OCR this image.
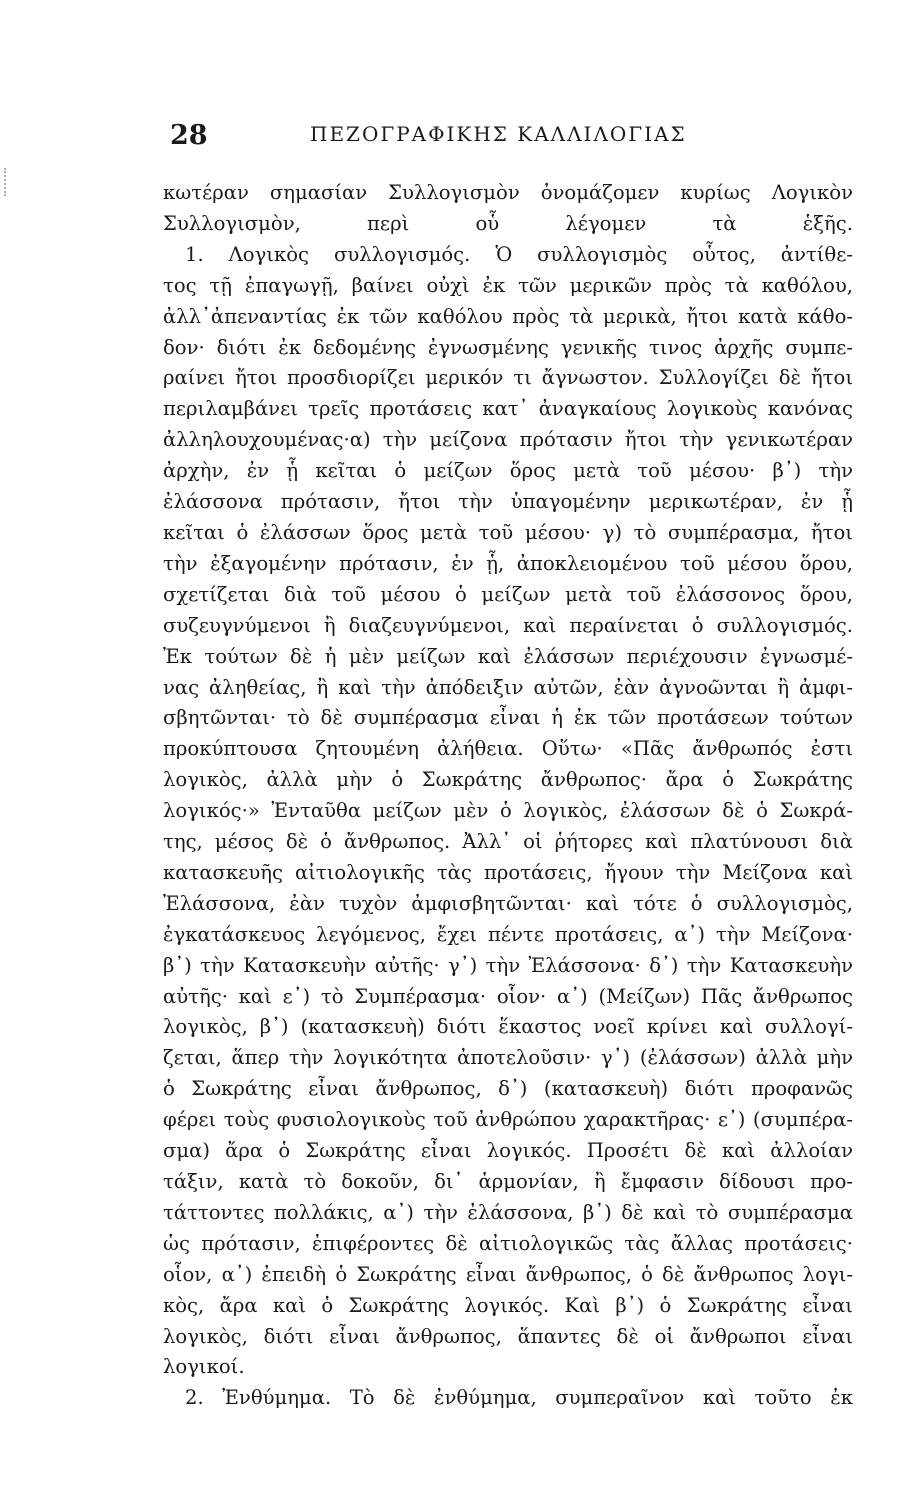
28	ΠΕΖΟΓΡΑΦΙΚΗΣ ΚΑΛΛΙΛΟΓΙΑΣ
κωτέραν σημασίαν Συλλογισμὸν ὀνομάζομεν κυρίως Λογικὸν
Συλλογισμὸν, περὶ οὗ λέγομεν τὰ ἑξῆς.
1. Λογικὸς συλλογισμός. Ὁ συλλογισμὸς οὗτος, ἀντίθε-
τος τῇ ἐπαγωγῇ, βαίνει οὐχὶ ἐκ τῶν μερικῶν πρὸς τὰ καθόλου,
ἀλλ᾽ἀπεναντίας ἐκ τῶν καθόλου πρὸς τὰ μερικὰ, ἤτοι κατὰ κάθο-
δον· διότι ἐκ δεδομένης ἐγνωσμένης γενικῆς τινος ἀρχῆς συμπε-
ραίνει ἤτοι προσδιορίζει μερικόν τι ἄγνωστον. Συλλογίζει δὲ ἤτοι
περιλαμβάνει τρεῖς προτάσεις κατ᾽ ἀναγκαίους λογικοὺς κανόνας
ἀλληλουχουμένας·α) τὴν μείζονα πρότασιν ἤτοι τὴν γενικωτέραν
ἀρχὴν, ἐν ᾗ κεῖται ὁ μείζων ὅρος μετὰ τοῦ μέσου· β᾽) τὴν
ἐλάσσονα πρότασιν, ἤτοι τὴν ὑπαγομένην μερικωτέραν, ἐν ᾗ
κεῖται ὁ ἐλάσσων ὅρος μετὰ τοῦ μέσου· γ) τὸ συμπέρασμα, ἤτοι
τὴν ἐξαγομένην πρότασιν, ἐν ᾗ, ἀποκλειομένου τοῦ μέσου ὅρου,
σχετίζεται διὰ τοῦ μέσου ὁ μείζων μετὰ τοῦ ἐλάσσονος ὅρου,
συζευγνύμενοι ἢ διαζευγνύμενοι, καὶ περαίνεται ὁ συλλογισμός.
Ἐκ τούτων δὲ ἡ μὲν μείζων καὶ ἐλάσσων περιέχουσιν ἐγνωσμέ-
νας ἀληθείας, ἢ καὶ τὴν ἀπόδειξιν αὐτῶν, ἐὰν ἀγνοῶνται ἢ ἀμφι-
σβητῶνται· τὸ δὲ συμπέρασμα εἶναι ἡ ἐκ τῶν προτάσεων τούτων
προκύπτουσα ζητουμένη ἀλήθεια. Οὕτω· «Πᾶς ἄνθρωπός ἐστι
λογικὸς, ἀλλὰ μὴν ὁ Σωκράτης ἄνθρωπος· ἄρα ὁ Σωκράτης
λογικός·» Ἐνταῦθα μείζων μὲν ὁ λογικὸς, ἐλάσσων δὲ ὁ Σωκρά-
της, μέσος δὲ ὁ ἄνθρωπος. Ἀλλ᾽ οἱ ῥήτορες καὶ πλατύνουσι διὰ
κατασκευῆς αἰτιολογικῆς τὰς προτάσεις, ἤγουν τὴν Μείζονα καὶ
Ἐλάσσονα, ἐὰν τυχὸν ἀμφισβητῶνται· καὶ τότε ὁ συλλογισμὸς,
ἐγκατάσκευος λεγόμενος, ἔχει πέντε προτάσεις, α᾽) τὴν Μείζονα·
β᾽) τὴν Κατασκευὴν αὐτῆς· γ᾽) τὴν Ἐλάσσονα· δ᾽) τὴν Κατασκευὴν
αὐτῆς· καὶ ε᾽) τὸ Συμπέρασμα· οἷον· α᾽) (Μείζων) Πᾶς ἄνθρωπος
λογικὸς, β᾽) (κατασκευὴ) διότι ἕκαστος νοεῖ κρίνει καὶ συλλογί-
ζεται, ἅπερ τὴν λογικότητα ἀποτελοῦσιν· γ᾽) (ἐλάσσων) ἀλλὰ μὴν
ὁ Σωκράτης εἶναι ἄνθρωπος, δ᾽) (κατασκευὴ) διότι προφανῶς
φέρει τοὺς φυσιολογικοὺς τοῦ ἀνθρώπου χαρακτῆρας· ε᾽) (συμπέρα-
σμα) ἄρα ὁ Σωκράτης εἶναι λογικός. Προσέτι δὲ καὶ ἀλλοίαν
τάξιν, κατὰ τὸ δοκοῦν, δι᾽ ἁρμονίαν, ἢ ἔμφασιν δίδουσι προ-
τάττοντες πολλάκις, α᾽) τὴν ἐλάσσονα, β᾽) δὲ καὶ τὸ συμπέρασμα
ὡς πρότασιν, ἐπιφέροντες δὲ αἰτιολογικῶς τὰς ἄλλας προτάσεις·
οἷον, α᾽) ἐπειδὴ ὁ Σωκράτης εἶναι ἄνθρωπος, ὁ δὲ ἄνθρωπος λογι-
κὸς, ἄρα καὶ ὁ Σωκράτης λογικός. Καὶ β᾽) ὁ Σωκράτης εἶναι
λογικὸς, διότι εἶναι ἄνθρωπος, ἅπαντες δὲ οἱ ἄνθρωποι εἶναι
λογικοί.
2. Ἐνθύμημα. Τὸ δὲ ἐνθύμημα, συμπεραῖνον καὶ τοῦτο ἐκ
